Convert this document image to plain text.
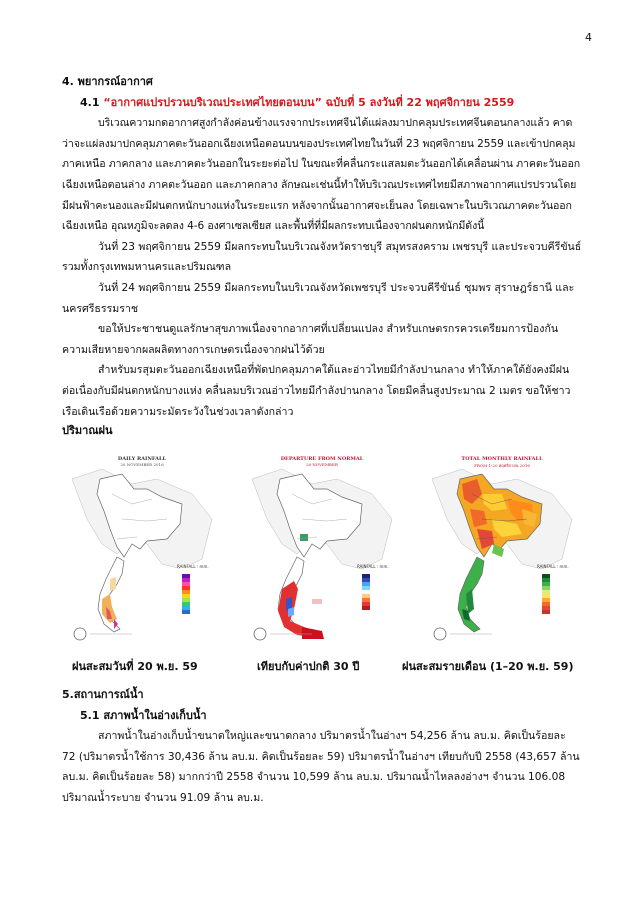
4

4. พยากรณ์อากาศ

4.1 “อากาศแปรปรวนบริเวณประเทศไทยตอนบน” ฉบับที่ 5 ลงวันที่ 22 พฤศจิกายน 2559

บริเวณความกดอากาศสูงกำลังค่อนข้างแรงจากประเทศจีนได้แผ่ลงมาปกคลุมประเทศจีนตอนกลางแล้ว คาดว่าจะแผ่ลงมาปกคลุมภาคตะวันออกเฉียงเหนือตอนบนของประเทศไทยในวันที่ 23 พฤศจิกายน 2559 และเข้าปกคลุมภาคเหนือ ภาคกลาง และภาคตะวันออกในระยะต่อไป ในขณะที่คลื่นกระแสลมตะวันออกได้เคลื่อนผ่าน ภาคตะวันออกเฉียงเหนือตอนล่าง ภาคตะวันออก และภาคกลาง ลักษณะเช่นนี้ทำให้บริเวณประเทศไทยมีสภาพอากาศแปรปรวนโดยมีฝนฟ้าคะนองและมีฝนตกหนักบางแห่งในระยะแรก หลังจากนั้นอากาศจะเย็นลง โดยเฉพาะในบริเวณภาคตะวันออกเฉียงเหนือ อุณหภูมิจะลดลง 4-6 องศาเซลเซียส และพื้นที่ที่มีผลกระทบเนื่องจากฝนตกหนักมีดังนี้

วันที่ 23 พฤศจิกายน 2559 มีผลกระทบในบริเวณจังหวัดราชบุรี สมุทรสงคราม เพชรบุรี และประจวบคีรีขันธ์ รวมทั้งกรุงเทพมหานครและปริมณฑล

วันที่ 24 พฤศจิกายน 2559 มีผลกระทบในบริเวณจังหวัดเพชรบุรี ประจวบคีรีขันธ์ ชุมพร สุราษฎร์ธานี และนครศรีธรรมราช

ขอให้ประชาชนดูแลรักษาสุขภาพเนื่องจากอากาศที่เปลี่ยนแปลง สำหรับเกษตรกรควรเตรียมการป้องกันความเสียหายจากผลผลิตทางการเกษตรเนื่องจากฝนไว้ด้วย

สำหรับมรสุมตะวันออกเฉียงเหนือที่พัดปกคลุมภาคใต้และอ่าวไทยมีกำลังปานกลาง ทำให้ภาคใต้ยังคงมีฝนต่อเนื่องกับมีฝนตกหนักบางแห่ง คลื่นลมบริเวณอ่าวไทยมีกำลังปานกลาง โดยมีคลื่นสูงประมาณ 2 เมตร ขอให้ชาวเรือเดินเรือด้วยความระมัดระวังในช่วงเวลาดังกล่าว

ปริมาณฝน
DAILY RAINFALL
20 NOVEMBER 2016
RAINFALL : mm.
DEPARTURE FROM NORMAL
20 NOVEMBER
RAINFALL : mm.
TOTAL MONTHLY RAINFALL
FROM 1-20 พฤศจิกายน 2016
RAINFALL : mm.
ฝนสะสมวันที่ 20 พ.ย. 59	เทียบกับค่าปกติ 30 ปี	ฝนสะสมรายเดือน (1–20 พ.ย. 59)

5.สถานการณ์น้ำ

5.1 สภาพน้ำในอ่างเก็บน้ำ

สภาพน้ำในอ่างเก็บน้ำขนาดใหญ่และขนาดกลาง ปริมาตรน้ำในอ่างฯ 54,256 ล้าน ลบ.ม. คิดเป็นร้อยละ 72 (ปริมาตรน้ำใช้การ 30,436 ล้าน ลบ.ม. คิดเป็นร้อยละ 59) ปริมาตรน้ำในอ่างฯ เทียบกับปี 2558 (43,657 ล้าน ลบ.ม. คิดเป็นร้อยละ 58) มากกว่าปี 2558 จำนวน 10,599 ล้าน ลบ.ม. ปริมาณน้ำไหลลงอ่างฯ จำนวน 106.08 ปริมาณน้ำระบาย จำนวน 91.09 ล้าน ลบ.ม.
